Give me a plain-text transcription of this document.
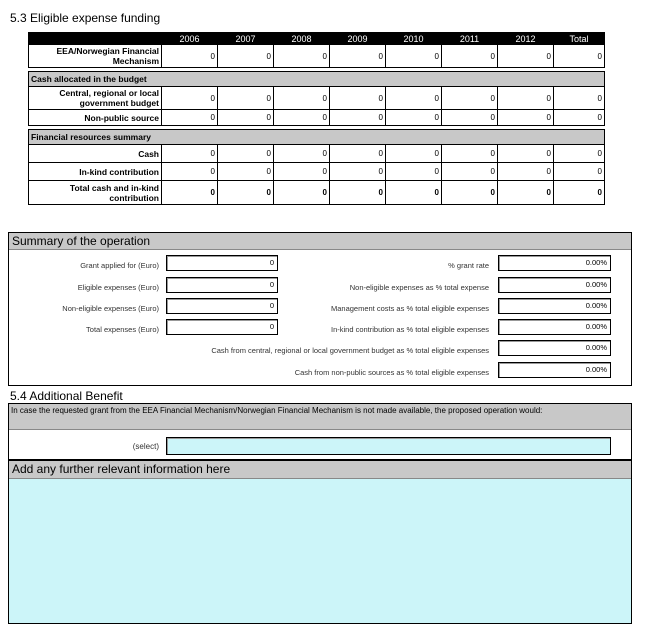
5.3 Eligible expense funding
	2006	2007	2008	2009	2010	2011	2012	Total
EEA/Norwegian Financial Mechanism	0	0	0	0	0	0	0	0

Cash allocated in the budget								
Central, regional or local government budget	0	0	0	0	0	0	0	0
Non-public source	0	0	0	0	0	0	0	0

Financial resources summary								
Cash	0	0	0	0	0	0	0	0
In-kind contribution	0	0	0	0	0	0	0	0
Total cash and in-kind contribution	0	0	0	0	0	0	0	0
Summary of the operation
Grant applied for (Euro)	0
Eligible expenses (Euro)	0
Non-eligible expenses (Euro)	0
Total expenses (Euro)	0
% grant rate	0.00%
Non-eligible expenses as % total expense	0.00%
Management costs as % total eligible expenses	0.00%
In-kind contribution as % total eligible expenses	0.00%
Cash from central, regional or local government budget as % total eligible expenses	0.00%
Cash from non-public sources as % total eligible expenses	0.00%
5.4 Additional Benefit
In case the requested grant from the EEA Financial Mechanism/Norwegian Financial Mechanism is not made available, the proposed operation would:
(select)
Add any further relevant information here
